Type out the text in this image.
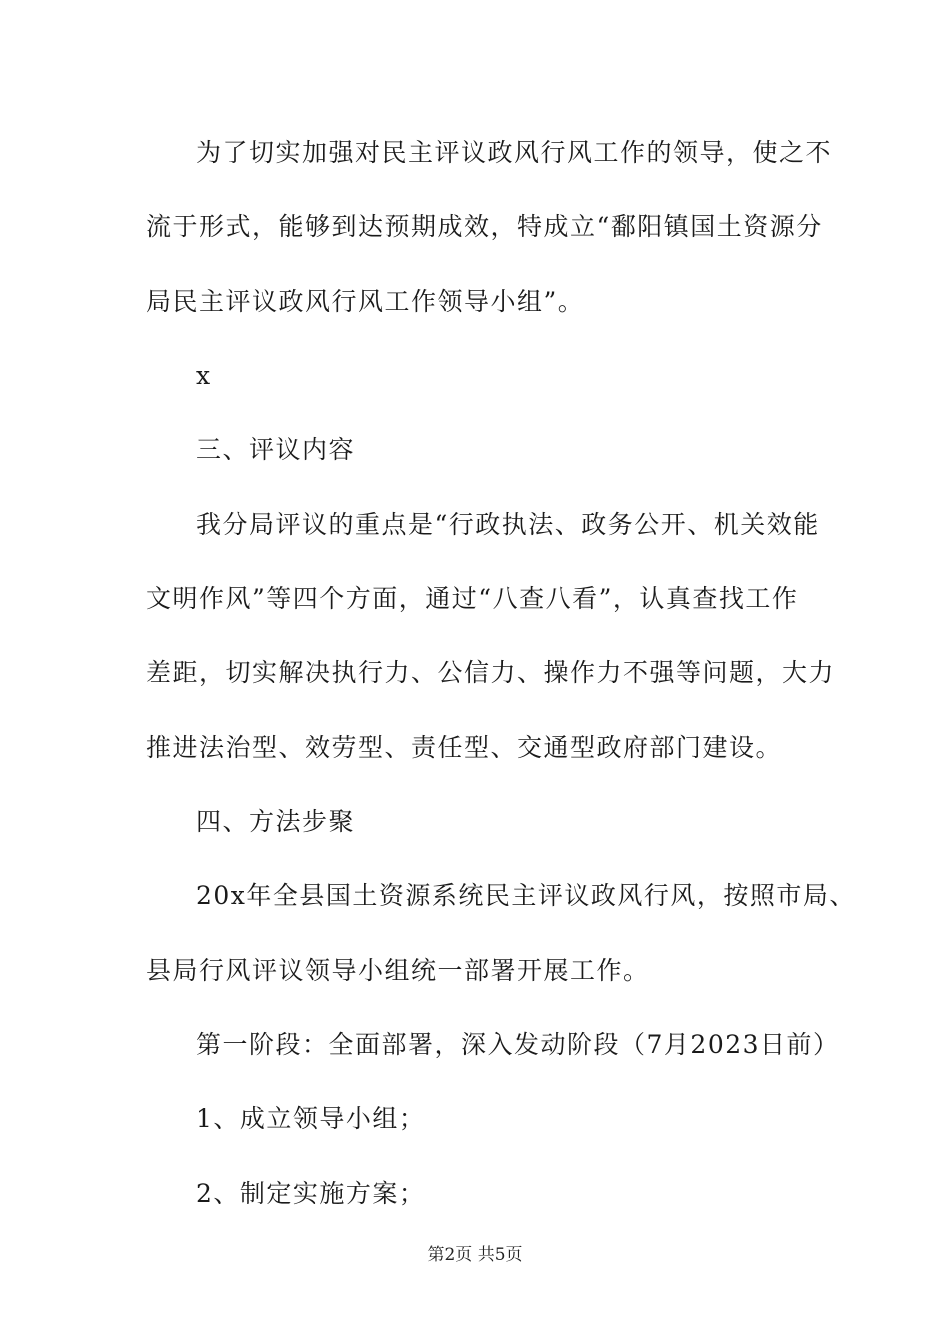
为了切实加强对民主评议政风行风工作的领导，使之不
流于形式，能够到达预期成效，特成立“鄱阳镇国土资源分
局民主评议政风行风工作领导小组”。
x
三、评议内容
我分局评议的重点是“行政执法、政务公开、机关效能
文明作风”等四个方面，通过“八查八看”，认真查找工作
差距，切实解决执行力、公信力、操作力不强等问题，大力
推进法治型、效劳型、责任型、交通型政府部门建设。
四、方法步聚
20x年全县国土资源系统民主评议政风行风，按照市局、
县局行风评议领导小组统一部署开展工作。
第一阶段：全面部署，深入发动阶段（7月2023日前）
1、成立领导小组；
2、制定实施方案；
第2页 共5页
